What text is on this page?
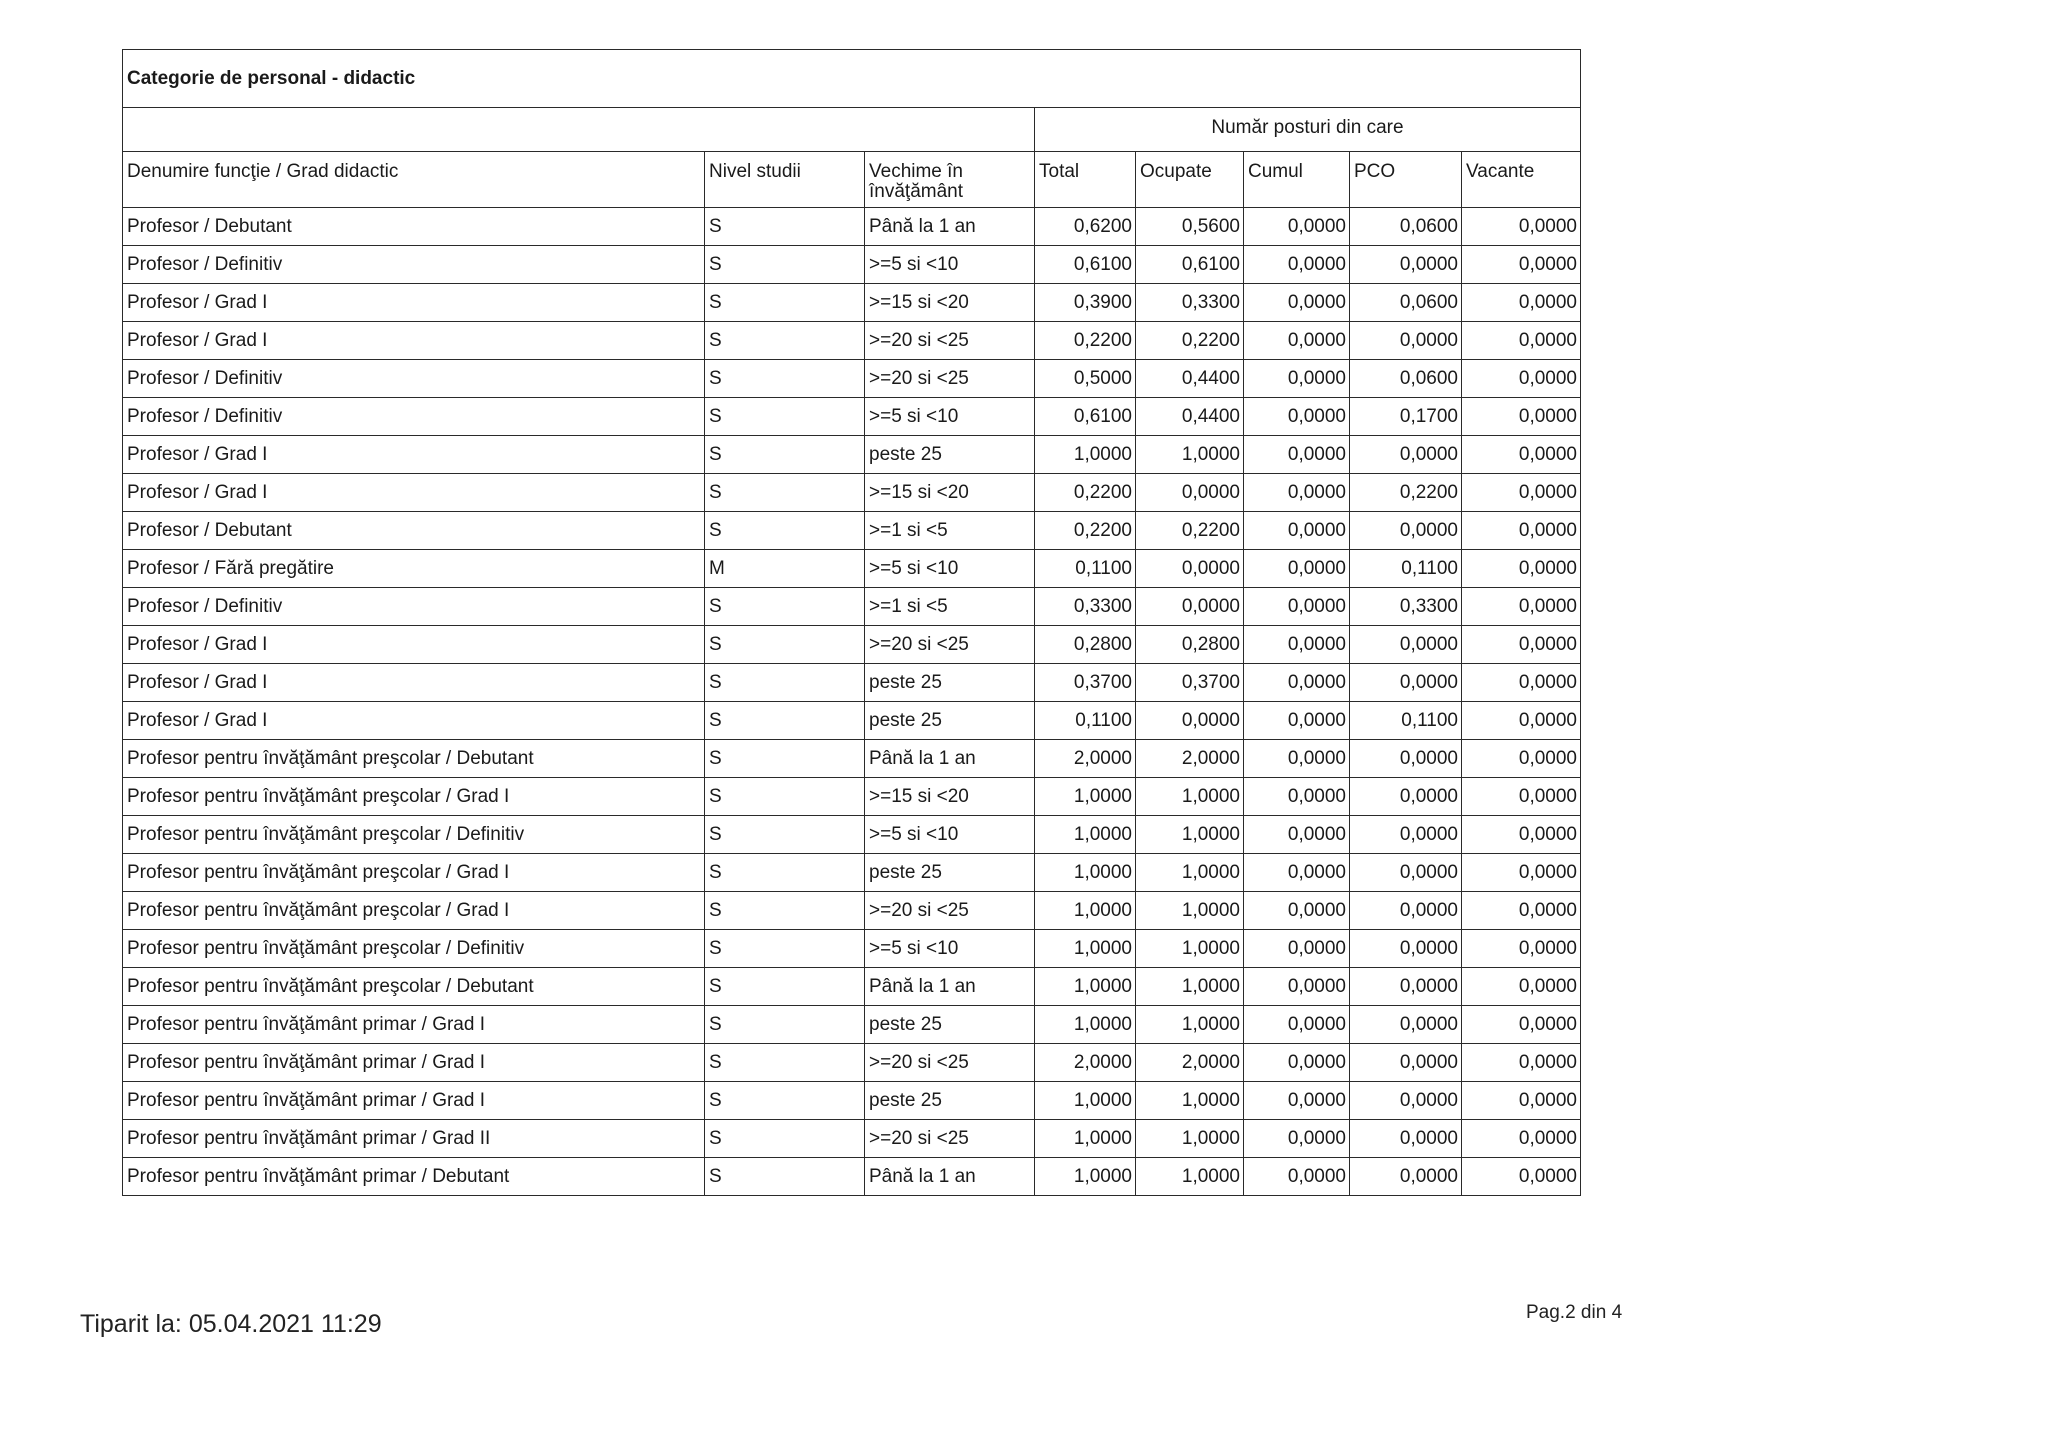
Categorie de personal - didactic							
			Număr posturi din care				
Denumire funcţie / Grad didactic	Nivel studii	Vechime în învăţământ	Total	Ocupate	Cumul	PCO	Vacante
Profesor / Debutant	S	Până la 1 an	0,6200	0,5600	0,0000	0,0600	0,0000
Profesor / Definitiv	S	>=5 si <10	0,6100	0,6100	0,0000	0,0000	0,0000
Profesor / Grad I	S	>=15 si <20	0,3900	0,3300	0,0000	0,0600	0,0000
Profesor / Grad I	S	>=20 si <25	0,2200	0,2200	0,0000	0,0000	0,0000
Profesor / Definitiv	S	>=20 si <25	0,5000	0,4400	0,0000	0,0600	0,0000
Profesor / Definitiv	S	>=5 si <10	0,6100	0,4400	0,0000	0,1700	0,0000
Profesor / Grad I	S	peste 25	1,0000	1,0000	0,0000	0,0000	0,0000
Profesor / Grad I	S	>=15 si <20	0,2200	0,0000	0,0000	0,2200	0,0000
Profesor / Debutant	S	>=1 si <5	0,2200	0,2200	0,0000	0,0000	0,0000
Profesor / Fără pregătire	M	>=5 si <10	0,1100	0,0000	0,0000	0,1100	0,0000
Profesor / Definitiv	S	>=1 si <5	0,3300	0,0000	0,0000	0,3300	0,0000
Profesor / Grad I	S	>=20 si <25	0,2800	0,2800	0,0000	0,0000	0,0000
Profesor / Grad I	S	peste 25	0,3700	0,3700	0,0000	0,0000	0,0000
Profesor / Grad I	S	peste 25	0,1100	0,0000	0,0000	0,1100	0,0000
Profesor pentru învăţământ preşcolar / Debutant	S	Până la 1 an	2,0000	2,0000	0,0000	0,0000	0,0000
Profesor pentru învăţământ preşcolar / Grad I	S	>=15 si <20	1,0000	1,0000	0,0000	0,0000	0,0000
Profesor pentru învăţământ preşcolar / Definitiv	S	>=5 si <10	1,0000	1,0000	0,0000	0,0000	0,0000
Profesor pentru învăţământ preşcolar / Grad I	S	peste 25	1,0000	1,0000	0,0000	0,0000	0,0000
Profesor pentru învăţământ preşcolar / Grad I	S	>=20 si <25	1,0000	1,0000	0,0000	0,0000	0,0000
Profesor pentru învăţământ preşcolar / Definitiv	S	>=5 si <10	1,0000	1,0000	0,0000	0,0000	0,0000
Profesor pentru învăţământ preşcolar / Debutant	S	Până la 1 an	1,0000	1,0000	0,0000	0,0000	0,0000
Profesor pentru învăţământ primar / Grad I	S	peste 25	1,0000	1,0000	0,0000	0,0000	0,0000
Profesor pentru învăţământ primar / Grad I	S	>=20 si <25	2,0000	2,0000	0,0000	0,0000	0,0000
Profesor pentru învăţământ primar / Grad I	S	peste 25	1,0000	1,0000	0,0000	0,0000	0,0000
Profesor pentru învăţământ primar / Grad II	S	>=20 si <25	1,0000	1,0000	0,0000	0,0000	0,0000
Profesor pentru învăţământ primar / Debutant	S	Până la 1 an	1,0000	1,0000	0,0000	0,0000	0,0000
Tiparit la: 05.04.2021 11:29	Pag.2 din 4
